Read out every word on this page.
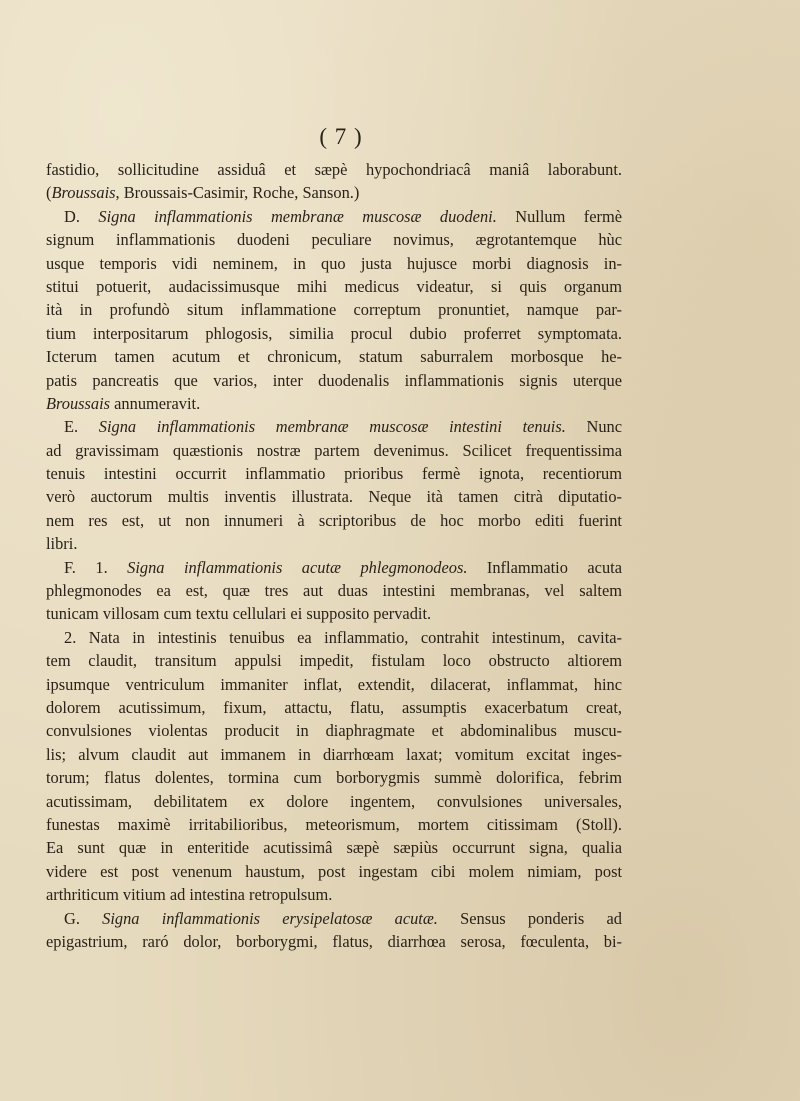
( 7 )
fastidio, sollicitudine assiduâ et sæpè hypochondriacâ maniâ laborabunt.
(Broussais, Broussais-Casimir, Roche, Sanson.)
D. Signa inflammationis membranæ muscosæ duodeni. Nullum fermè
signum inflammationis duodeni peculiare novimus, ægrotantemque hùc
usque temporis vidi neminem, in quo justa hujusce morbi diagnosis in-
stitui potuerit, audacissimusque mihi medicus videatur, si quis organum
ità in profundò situm inflammatione correptum pronuntiet, namque par-
tium interpositarum phlogosis, similia procul dubio proferret symptomata.
Icterum tamen acutum et chronicum, statum saburralem morbosque he-
patis pancreatis que varios, inter duodenalis inflammationis signis uterque
Broussais annumeravit.
E. Signa inflammationis membranæ muscosæ intestini tenuis. Nunc
ad gravissimam quæstionis nostræ partem devenimus. Scilicet frequentissima
tenuis intestini occurrit inflammatio prioribus fermè ignota, recentiorum
verò auctorum multis inventis illustrata. Neque ità tamen citrà diputatio-
nem res est, ut non innumeri à scriptoribus de hoc morbo editi fuerint
libri.
F. 1. Signa inflammationis acutæ phlegmonodeos. Inflammatio acuta
phlegmonodes ea est, quæ tres aut duas intestini membranas, vel saltem
tunicam villosam cum textu cellulari ei supposito pervadit.
2. Nata in intestinis tenuibus ea inflammatio, contrahit intestinum, cavita-
tem claudit, transitum appulsi impedit, fistulam loco obstructo altiorem
ipsumque ventriculum immaniter inflat, extendit, dilacerat, inflammat, hinc
dolorem acutissimum, fixum, attactu, flatu, assumptis exacerbatum creat,
convulsiones violentas producit in diaphragmate et abdominalibus muscu-
lis; alvum claudit aut immanem in diarrhœam laxat; vomitum excitat inges-
torum; flatus dolentes, tormina cum borborygmis summè dolorifica, febrim
acutissimam, debilitatem ex dolore ingentem, convulsiones universales,
funestas maximè irritabilioribus, meteorismum, mortem citissimam (Stoll).
Ea sunt quæ in enteritide acutissimâ sæpè sæpiùs occurrunt signa, qualia
videre est post venenum haustum, post ingestam cibi molem nimiam, post
arthriticum vitium ad intestina retropulsum.
G. Signa inflammationis erysipelatosæ acutæ. Sensus ponderis ad
epigastrium, raró dolor, borborygmi, flatus, diarrhœa serosa, fœculenta, bi-
